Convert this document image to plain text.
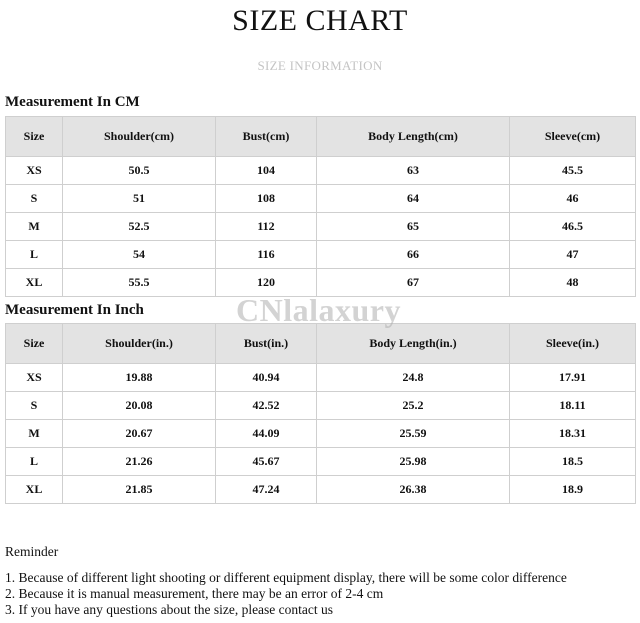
SIZE CHART
SIZE INFORMATION
Measurement In CM
Size	Shoulder(cm)	Bust(cm)	Body Length(cm)	Sleeve(cm)
XS	50.5	104	63	45.5
S	51	108	64	46
M	52.5	112	65	46.5
L	54	116	66	47
XL	55.5	120	67	48
Measurement In Inch
Size	Shoulder(in.)	Bust(in.)	Body Length(in.)	Sleeve(in.)
XS	19.88	40.94	24.8	17.91
S	20.08	42.52	25.2	18.11
M	20.67	44.09	25.59	18.31
L	21.26	45.67	25.98	18.5
XL	21.85	47.24	26.38	18.9
CNlalaxury
Reminder
1. Because of different light shooting or different equipment display, there will be some color difference
2. Because it is manual measurement, there may be an error of 2-4 cm
3. If you have any questions about the size, please contact us
